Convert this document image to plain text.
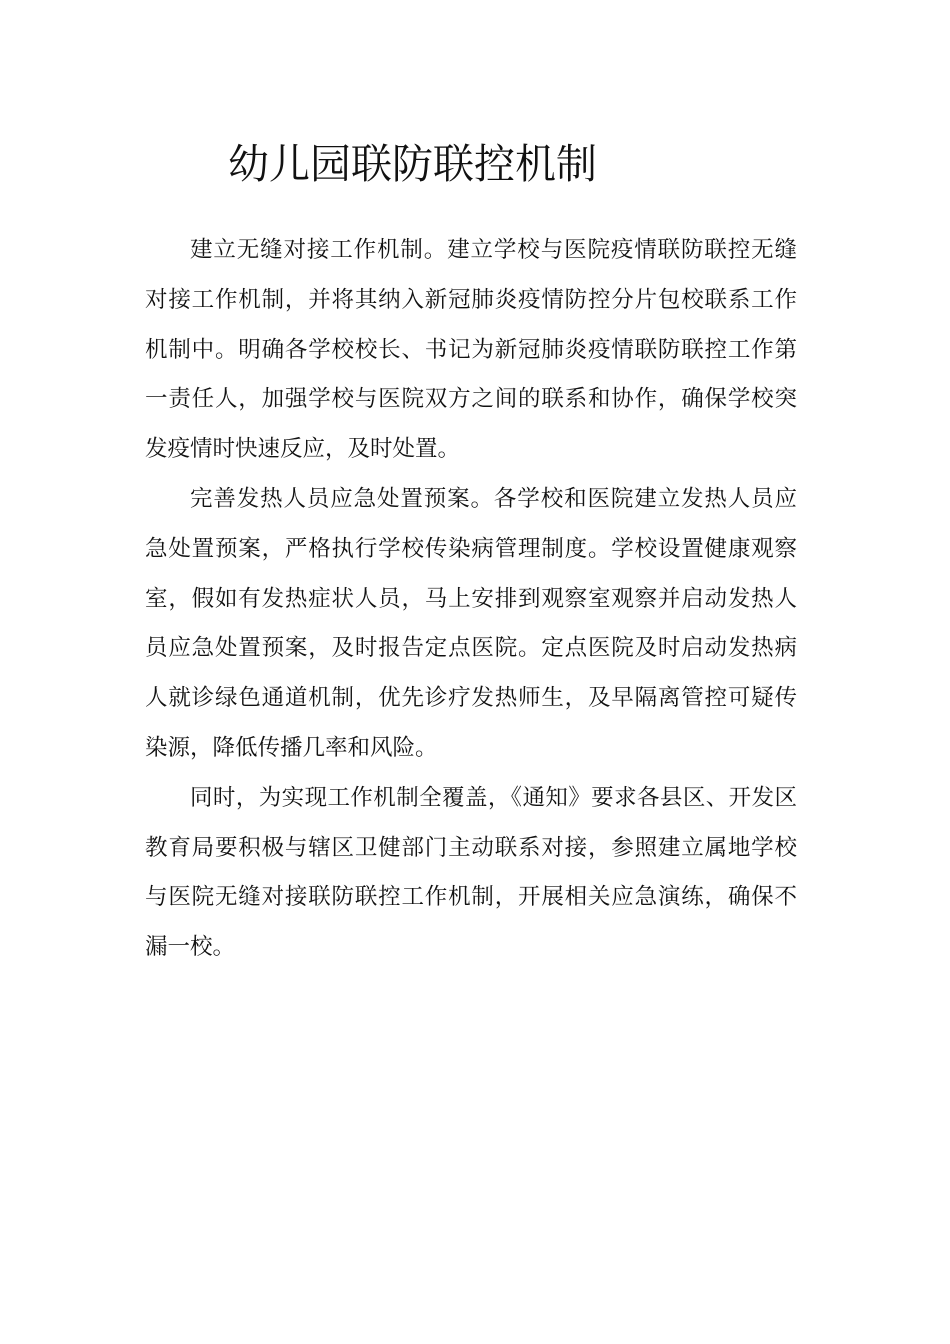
幼儿园联防联控机制

建立无缝对接工作机制。建立学校与医院疫情联防联控无缝对接工作机制，并将其纳入新冠肺炎疫情防控分片包校联系工作机制中。明确各学校校长、书记为新冠肺炎疫情联防联控工作第一责任人，加强学校与医院双方之间的联系和协作，确保学校突发疫情时快速反应，及时处置。

完善发热人员应急处置预案。各学校和医院建立发热人员应急处置预案，严格执行学校传染病管理制度。学校设置健康观察室，假如有发热症状人员，马上安排到观察室观察并启动发热人员应急处置预案，及时报告定点医院。定点医院及时启动发热病人就诊绿色通道机制，优先诊疗发热师生，及早隔离管控可疑传染源，降低传播几率和风险。

同时，为实现工作机制全覆盖，《通知》要求各县区、开发区教育局要积极与辖区卫健部门主动联系对接，参照建立属地学校与医院无缝对接联防联控工作机制，开展相关应急演练，确保不漏一校。
